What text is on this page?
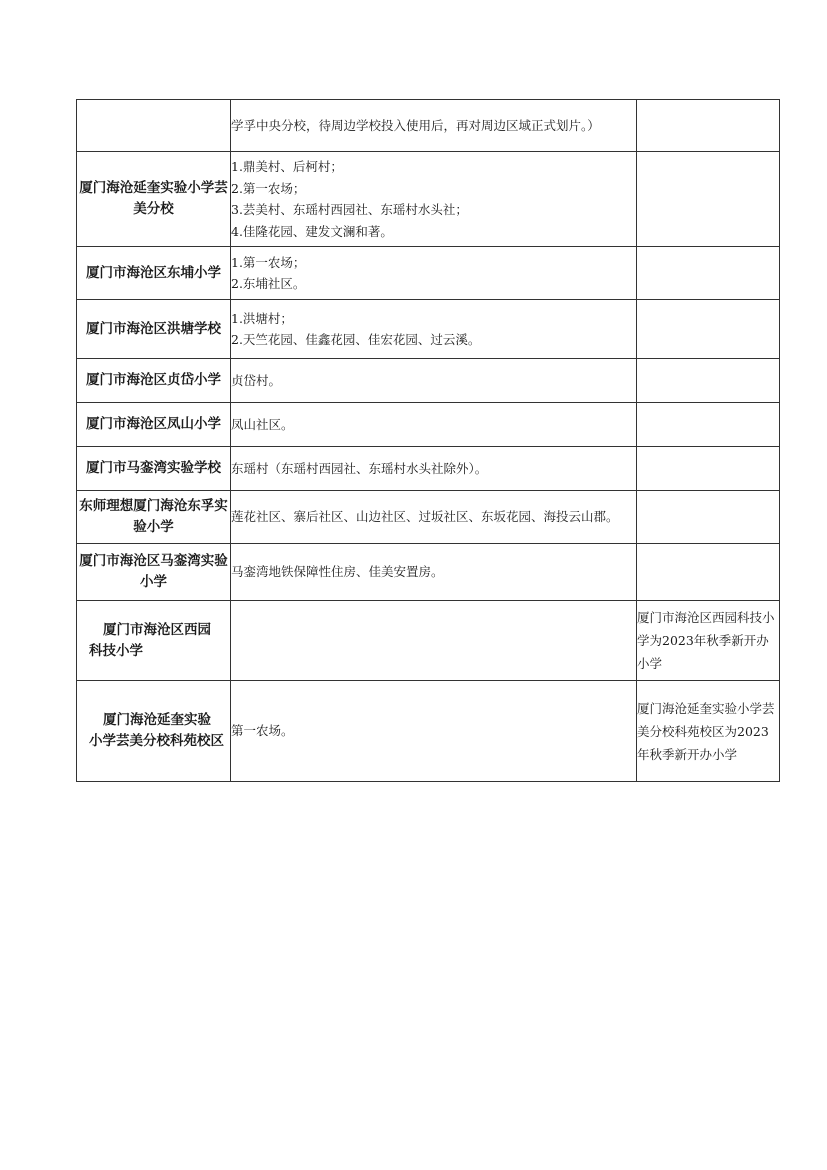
	学孚中央分校，待周边学校投入使用后，再对周边区域正式划片。）	

厦门海沧延奎实验小学芸美分校	1.鼎美村、后柯村；
2.第一农场；
3.芸美村、东瑶村西园社、东瑶村水头社；
4.佳隆花园、建发文澜和著。	

厦门市海沧区东埔小学	1.第一农场；
2.东埔社区。	

厦门市海沧区洪塘学校	1.洪塘村；
2.天竺花园、佳鑫花园、佳宏花园、过云溪。	

厦门市海沧区贞岱小学	贞岱村。	

厦门市海沧区凤山小学	凤山社区。	

厦门市马銮湾实验学校	东瑶村（东瑶村西园社、东瑶村水头社除外）。	

东师理想厦门海沧东孚实验小学	莲花社区、寨后社区、山边社区、过坂社区、东坂花园、海投云山郡。	

厦门市海沧区马銮湾实验小学	马銮湾地铁保障性住房、佳美安置房。	

厦门市海沧区西园科技小学		厦门市海沧区西园科技小学为2023年秋季新开办小学
厦门海沧延奎实验小学芸美分校科苑校区	第一农场。	厦门海沧延奎实验小学芸美分校科苑校区为2023年秋季新开办小学
